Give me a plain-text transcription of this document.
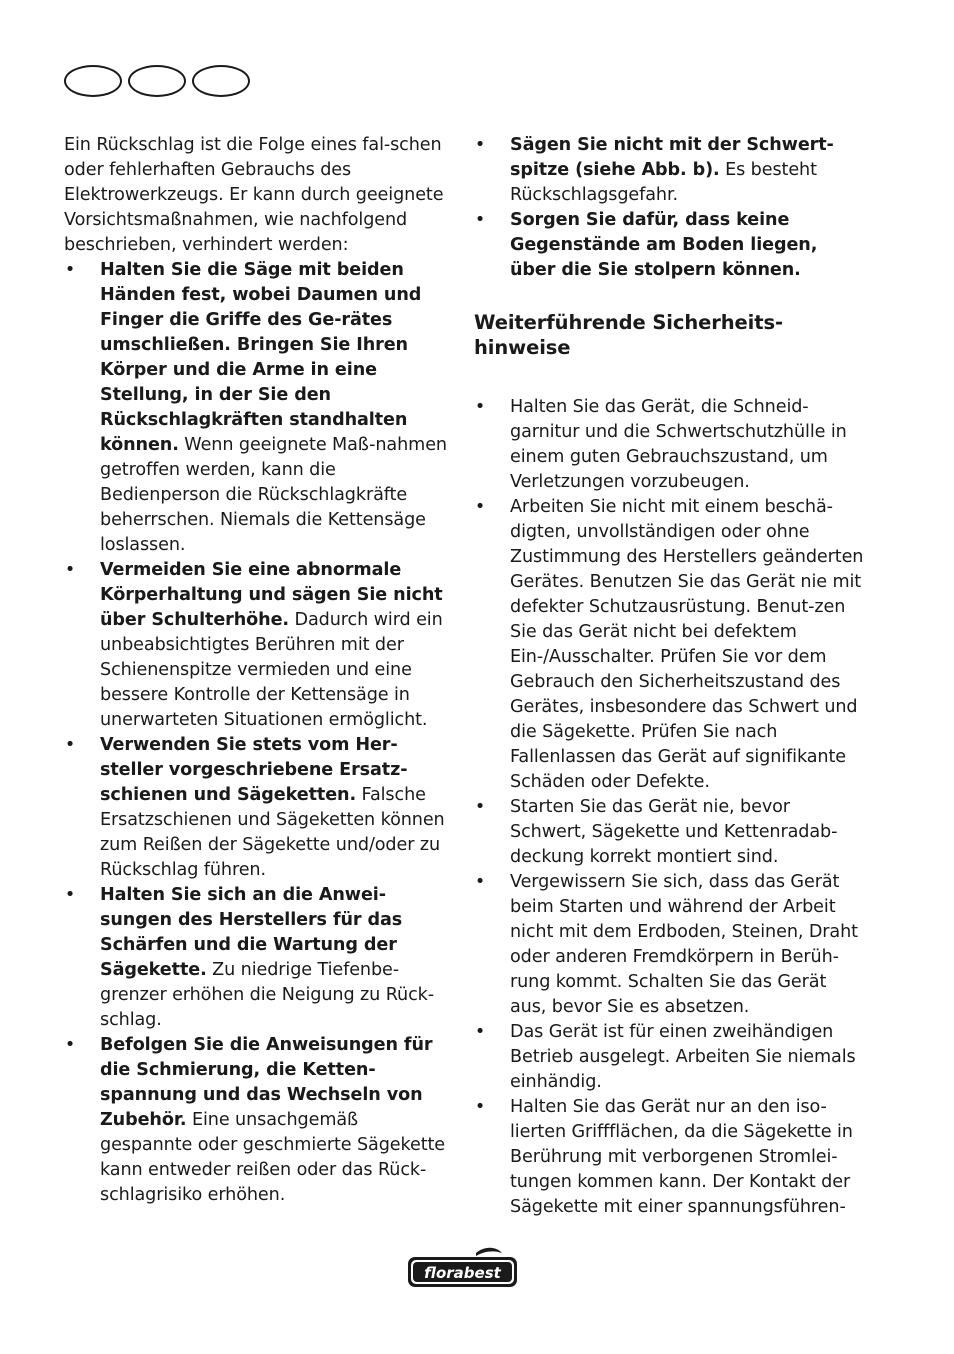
Ein Rückschlag ist die Folge eines fal-schen oder fehlerhaften Gebrauchs des Elektrowerkzeugs. Er kann durch geeignete Vorsichtsmaßnahmen, wie nachfolgend beschrieben, verhindert werden:

• Halten Sie die Säge mit beiden Händen fest, wobei Daumen und Finger die Griffe des Ge-rätes umschließen. Bringen Sie Ihren Körper und die Arme in eine Stellung, in der Sie den Rückschlagkräften standhalten können. Wenn geeignete Maß-nahmen getroffen werden, kann die Bedienperson die Rückschlagkräfte beherrschen. Niemals die Kettensäge loslassen.
• Vermeiden Sie eine abnormale Körperhaltung und sägen Sie nicht über Schulterhöhe. Dadurch wird ein unbeabsichtigtes Berühren mit der Schienenspitze vermieden und eine bessere Kontrolle der Kettensäge in unerwarteten Situationen ermöglicht.
• Verwenden Sie stets vom Her-steller vorgeschriebene Ersatz-schienen und Sägeketten. Falsche Ersatzschienen und Sägeketten können zum Reißen der Sägekette und/oder zu Rückschlag führen.
• Halten Sie sich an die Anwei-sungen des Herstellers für das Schärfen und die Wartung der Sägekette. Zu niedrige Tiefenbe-grenzer erhöhen die Neigung zu Rück-schlag.
• Befolgen Sie die Anweisungen für die Schmierung, die Ketten-spannung und das Wechseln von Zubehör. Eine unsachgemäß gespannte oder geschmierte Sägekette kann entweder reißen oder das Rück-schlagrisiko erhöhen.
• Sägen Sie nicht mit der Schwert-spitze (siehe Abb. b). Es besteht Rückschlagsgefahr.
• Sorgen Sie dafür, dass keine Gegenstände am Boden liegen, über die Sie stolpern können.
Weiterführende Sicherheits-hinweise
• Halten Sie das Gerät, die Schneid-garnitur und die Schwertschutzhülle in einem guten Gebrauchszustand, um Verletzungen vorzubeugen.
• Arbeiten Sie nicht mit einem beschä-digten, unvollständigen oder ohne Zustimmung des Herstellers geänderten Gerätes. Benutzen Sie das Gerät nie mit defekter Schutzausrüstung. Benut-zen Sie das Gerät nicht bei defektem Ein-/Ausschalter. Prüfen Sie vor dem Gebrauch den Sicherheitszustand des Gerätes, insbesondere das Schwert und die Sägekette. Prüfen Sie nach Fallenlassen das Gerät auf signifikante Schäden oder Defekte.
• Starten Sie das Gerät nie, bevor Schwert, Sägekette und Kettenradab-deckung korrekt montiert sind.
• Vergewissern Sie sich, dass das Gerät beim Starten und während der Arbeit nicht mit dem Erdboden, Steinen, Draht oder anderen Fremdkörpern in Berüh-rung kommt. Schalten Sie das Gerät aus, bevor Sie es absetzen.
• Das Gerät ist für einen zweihändigen Betrieb ausgelegt. Arbeiten Sie niemals einhändig.
• Halten Sie das Gerät nur an den iso-lierten Griffflächen, da die Sägekette in Berührung mit verborgenen Stromlei-tungen kommen kann. Der Kontakt der Sägekette mit einer spannungsführen-
florabest
